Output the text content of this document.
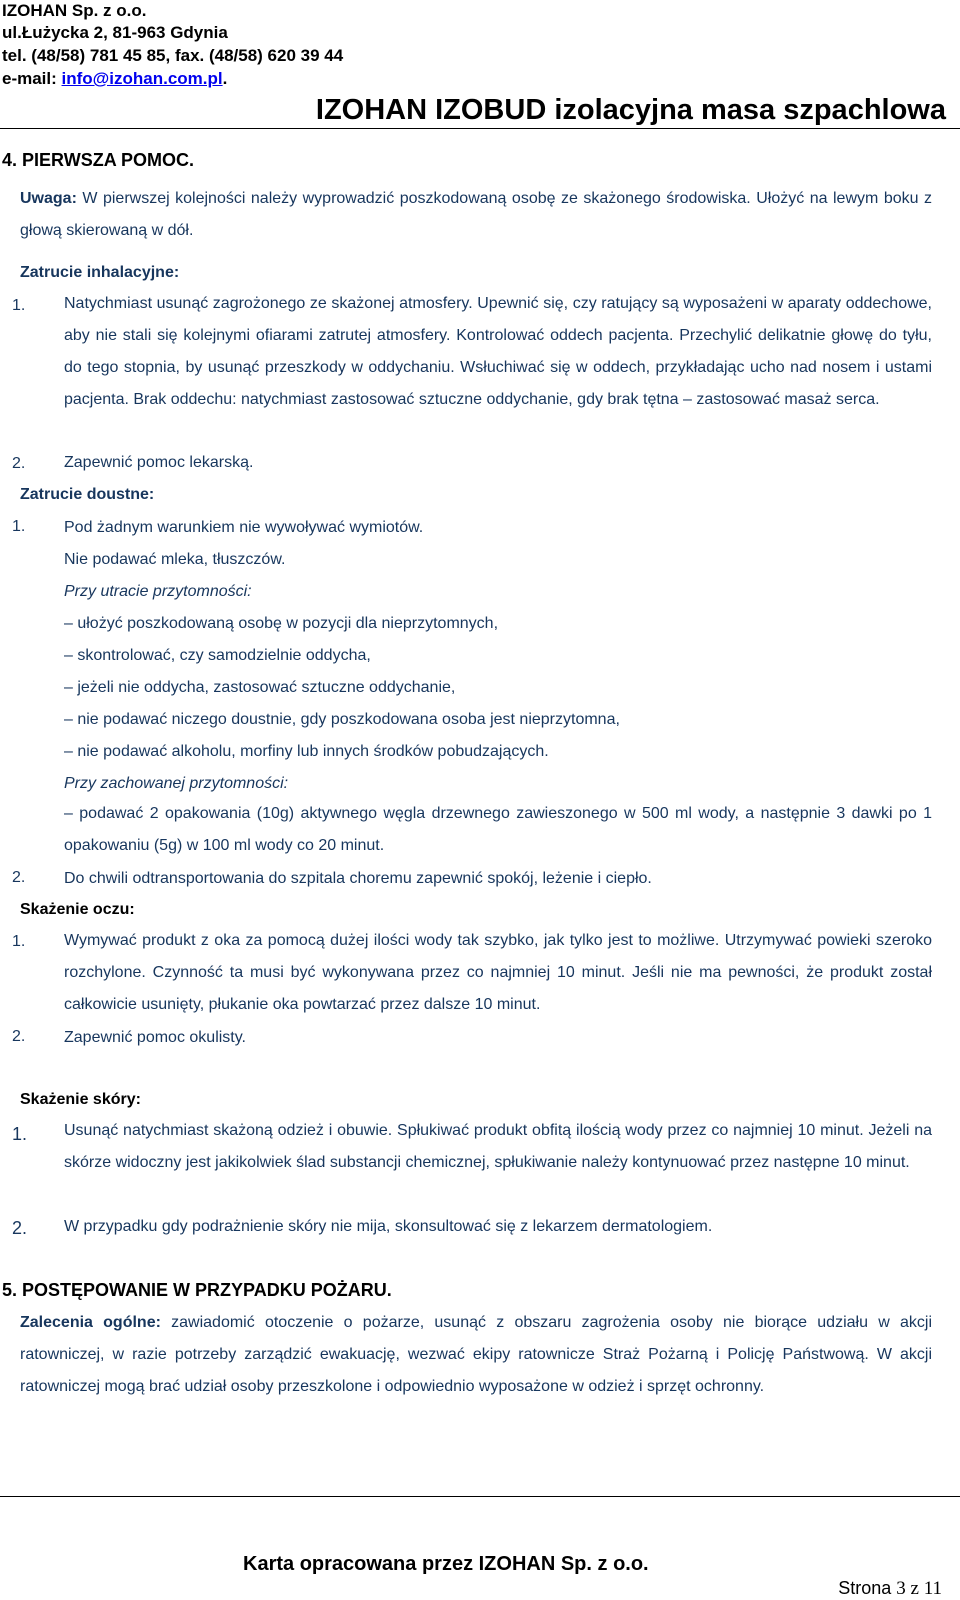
IZOHAN Sp. z o.o.
ul.Łużycka 2, 81-963 Gdynia
tel. (48/58) 781 45 85, fax. (48/58) 620 39 44
e-mail: info@izohan.com.pl.
IZOHAN IZOBUD izolacyjna masa szpachlowa
4. PIERWSZA POMOC.
Uwaga: W pierwszej kolejności należy wyprowadzić poszkodowaną osobę ze skażonego środowiska. Ułożyć na lewym boku z głową skierowaną w dół.
Zatrucie inhalacyjne:
1. Natychmiast usunąć zagrożonego ze skażonej atmosfery. Upewnić się, czy ratujący są wyposażeni w aparaty oddechowe, aby nie stali się kolejnymi ofiarami zatrutej atmosfery. Kontrolować oddech pacjenta. Przechylić delikatnie głowę do tyłu, do tego stopnia, by usunąć przeszkody w oddychaniu. Wsłuchiwać się w oddech, przykładając ucho nad nosem i ustami pacjenta. Brak oddechu: natychmiast zastosować sztuczne oddychanie, gdy brak tętna – zastosować masaż serca.
2. Zapewnić pomoc lekarską.
Zatrucie doustne:
1. Pod żadnym warunkiem nie wywoływać wymiotów.
Nie podawać mleka, tłuszczów.
Przy utracie przytomności:
– ułożyć poszkodowaną osobę w pozycji dla nieprzytomnych,
– skontrolować, czy samodzielnie oddycha,
– jeżeli nie oddycha, zastosować sztuczne oddychanie,
– nie podawać niczego doustnie, gdy poszkodowana osoba jest nieprzytomna,
– nie podawać alkoholu, morfiny lub innych środków pobudzających.
Przy zachowanej przytomności:
– podawać 2 opakowania (10g) aktywnego węgla drzewnego zawieszonego w 500 ml wody, a następnie 3 dawki po 1 opakowaniu (5g) w 100 ml wody co 20 minut.
2. Do chwili odtransportowania do szpitala choremu zapewnić spokój, leżenie i ciepło.
Skażenie oczu:
1. Wymywać produkt z oka za pomocą dużej ilości wody tak szybko, jak tylko jest to możliwe. Utrzymywać powieki szeroko rozchylone. Czynność ta musi być wykonywana przez co najmniej 10 minut. Jeśli nie ma pewności, że produkt został całkowicie usunięty, płukanie oka powtarzać przez dalsze 10 minut.
2. Zapewnić pomoc okulisty.
Skażenie skóry:
1. Usunąć natychmiast skażoną odzież i obuwie. Spłukiwać produkt obfitą ilością wody przez co najmniej 10 minut. Jeżeli na skórze widoczny jest jakikolwiek ślad substancji chemicznej, spłukiwanie należy kontynuować przez następne 10 minut.
2. W przypadku gdy podrażnienie skóry nie mija, skonsultować się z lekarzem dermatologiem.
5. POSTĘPOWANIE W PRZYPADKU POŻARU.
Zalecenia ogólne: zawiadomić otoczenie o pożarze, usunąć z obszaru zagrożenia osoby nie biorące udziału w akcji ratowniczej, w razie potrzeby zarządzić ewakuację, wezwać ekipy ratownicze Straż Pożarną i Policję Państwową. W akcji ratowniczej mogą brać udział osoby przeszkolone i odpowiednio wyposażone w odzież i sprzęt ochronny.
Karta opracowana przez IZOHAN Sp. z o.o.
Strona 3 z 11
